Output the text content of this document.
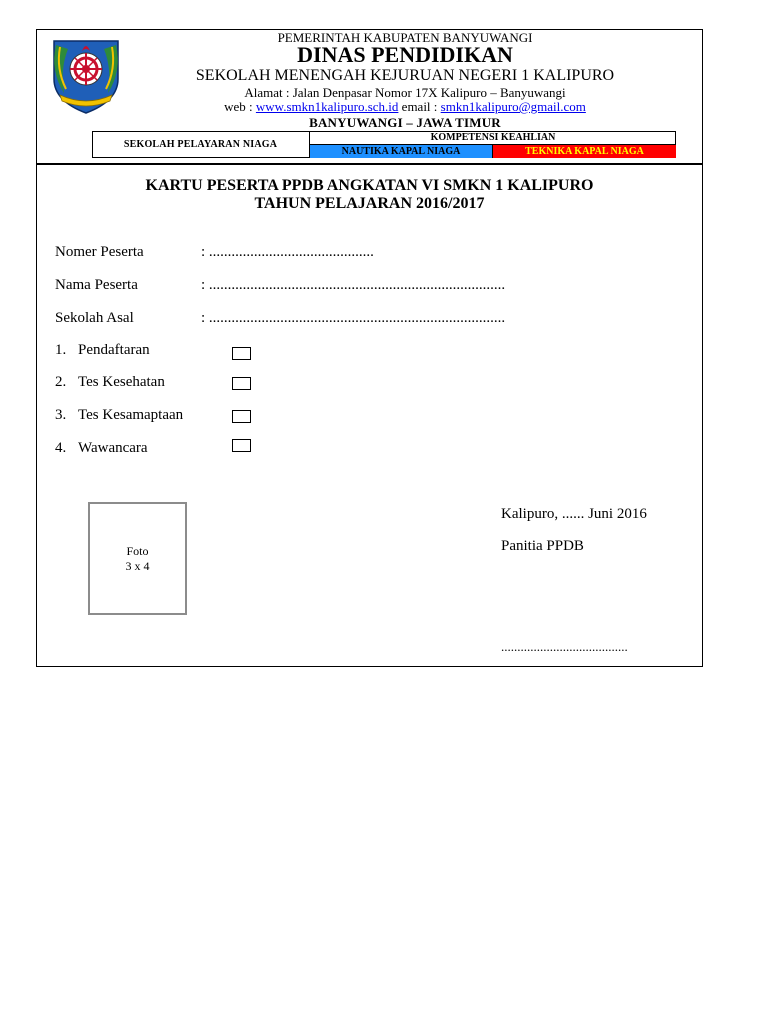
PEMERINTAH KABUPATEN BANYUWANGI
DINAS PENDIDIKAN
SEKOLAH MENENGAH KEJURUAN NEGERI 1 KALIPURO
Alamat : Jalan Denpasar Nomor 17X Kalipuro – Banyuwangi
web : www.smkn1kalipuro.sch.id email : smkn1kalipuro@gmail.com
BANYUWANGI – JAWA TIMUR
SEKOLAH PELAYARAN NIAGA
KOMPETENSI KEAHLIAN
NAUTIKA KAPAL NIAGA	TEKNIKA KAPAL NIAGA
KARTU PESERTA PPDB ANGKATAN VI SMKN 1 KALIPURO
TAHUN PELAJARAN 2016/2017
Nomer Peserta	: ............................................
Nama Peserta	: ...............................................................................
Sekolah Asal	: ...............................................................................
1. Pendaftaran
2. Tes Kesehatan
3. Tes Kesamaptaan
4. Wawancara
Foto
3 x 4
Kalipuro, ...... Juni 2016
Panitia PPDB
.......................................
